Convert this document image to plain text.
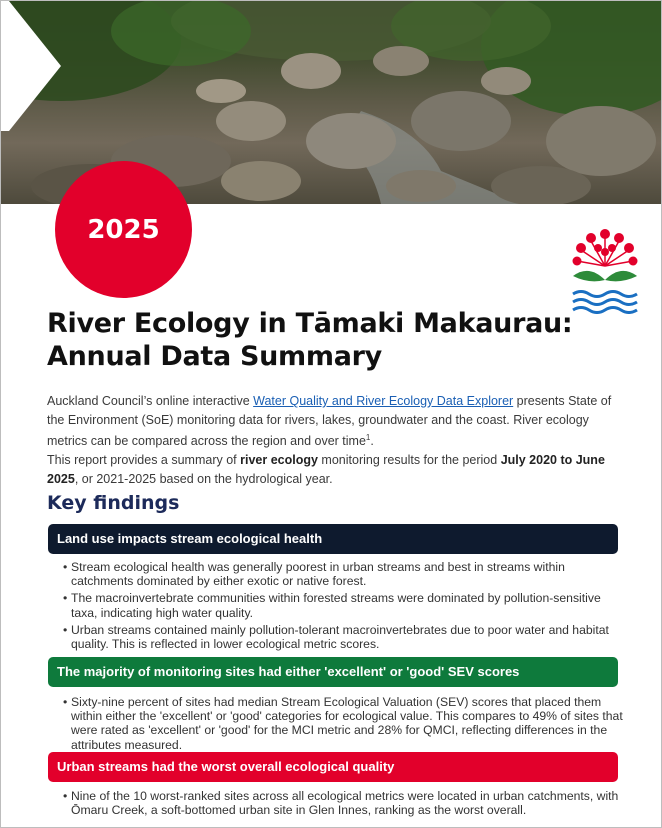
2025
River Ecology in Tāmaki Makaurau:
Annual Data Summary
Auckland Council’s online interactive Water Quality and River Ecology Data Explorer presents State of the Environment (SoE) monitoring data for rivers, lakes, groundwater and the coast. River ecology metrics can be compared across the region and over time$^1$.
This report provides a summary of river ecology monitoring results for the period July 2020 to June 2025, or 2021-2025 based on the hydrological year.
Key findings
Land use impacts stream ecological health
• Stream ecological health was generally poorest in urban streams and best in streams within catchments dominated by either exotic or native forest.
• The macroinvertebrate communities within forested streams were dominated by pollution-sensitive taxa, indicating high water quality.
• Urban streams contained mainly pollution-tolerant macroinvertebrates due to poor water and habitat quality. This is reflected in lower ecological metric scores.
The majority of monitoring sites had either 'excellent' or 'good' SEV scores
• Sixty-nine percent of sites had median Stream Ecological Valuation (SEV) scores that placed them within either the 'excellent' or 'good' categories for ecological value. This compares to 49% of sites that were rated as 'excellent' or 'good' for the MCI metric and 28% for QMCI, reflecting differences in the attributes measured.
Urban streams had the worst overall ecological quality
• Nine of the 10 worst-ranked sites across all ecological metrics were located in urban catchments, with Ōmaru Creek, a soft-bottomed urban site in Glen Innes, ranking as the worst overall.
